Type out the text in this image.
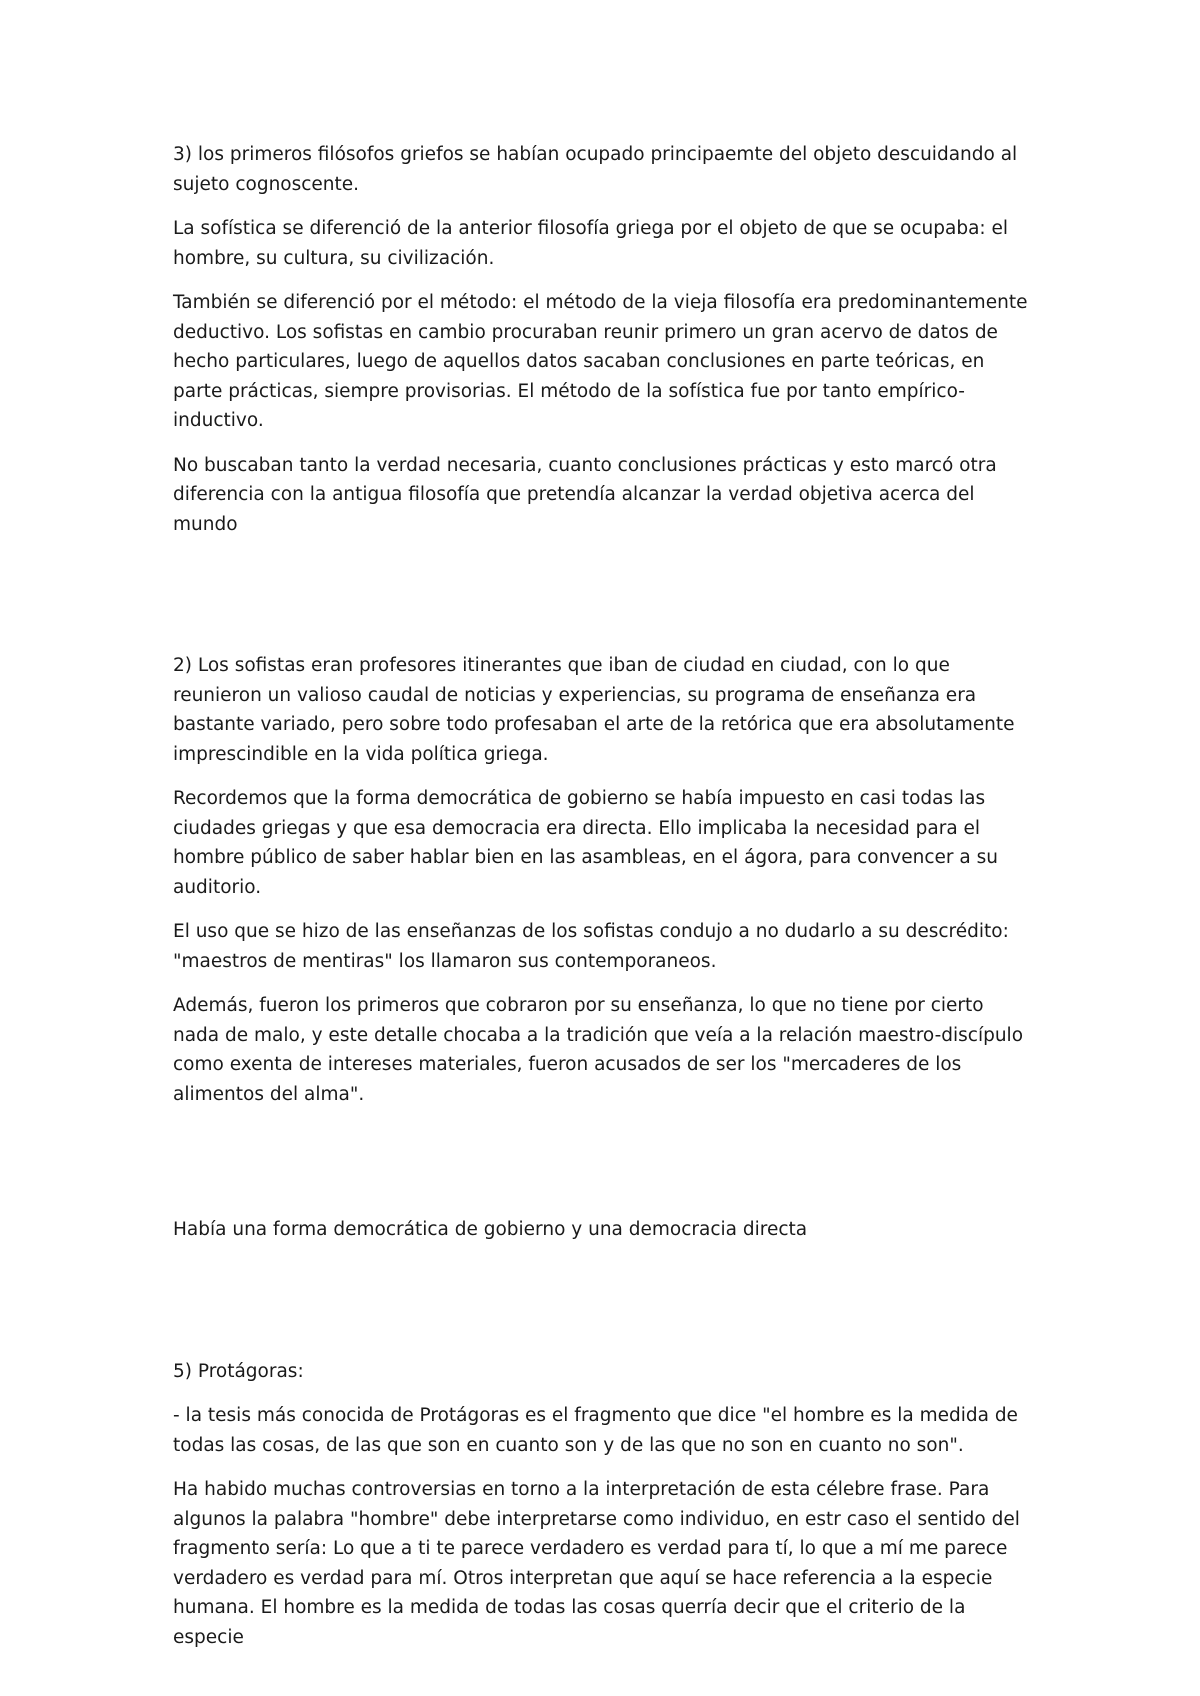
3) los primeros filósofos griefos se habían ocupado principaemte del objeto descuidando al sujeto cognoscente.

La sofística se diferenció de la anterior filosofía griega por el objeto de que se ocupaba: el hombre, su cultura, su civilización.

También se diferenció por el método: el método de la vieja filosofía era predominantemente deductivo. Los sofistas en cambio procuraban reunir primero un gran acervo de datos de hecho particulares, luego de aquellos datos sacaban conclusiones en parte teóricas, en parte prácticas, siempre provisorias. El método de la sofística fue por tanto empírico-inductivo.

No buscaban tanto la verdad necesaria, cuanto conclusiones prácticas y esto marcó otra diferencia con la antigua filosofía que pretendía alcanzar la verdad objetiva acerca del mundo

2) Los sofistas eran profesores itinerantes que iban de ciudad en ciudad, con lo que reunieron un valioso caudal de noticias y experiencias, su programa de enseñanza era bastante variado, pero sobre todo profesaban el arte de la retórica que era absolutamente imprescindible en la vida política griega.

Recordemos que la forma democrática de gobierno se había impuesto en casi todas las ciudades griegas y que esa democracia era directa. Ello implicaba la necesidad para el hombre público de saber hablar bien en las asambleas, en el ágora, para convencer a su auditorio.

El uso que se hizo de las enseñanzas de los sofistas condujo a no dudarlo a su descrédito: "maestros de mentiras" los llamaron sus contemporaneos.

Además, fueron los primeros que cobraron por su enseñanza, lo que no tiene por cierto nada de malo, y este detalle chocaba a la tradición que veía a la relación maestro-discípulo como exenta de intereses materiales, fueron acusados de ser los "mercaderes de los alimentos del alma".

Había una forma democrática de gobierno y una democracia directa

5) Protágoras:

- la tesis más conocida de Protágoras es el fragmento que dice "el hombre es la medida de todas las cosas, de las que son en cuanto son y de las que no son en cuanto no son".

Ha habido muchas controversias en torno a la interpretación de esta célebre frase. Para algunos la palabra "hombre" debe interpretarse como individuo, en estr caso el sentido del fragmento sería: Lo que a ti te parece verdadero es verdad para tí, lo que a mí me parece verdadero es verdad para mí. Otros interpretan que aquí se hace referencia a la especie humana. El hombre es la medida de todas las cosas querría decir que el criterio de la especie
